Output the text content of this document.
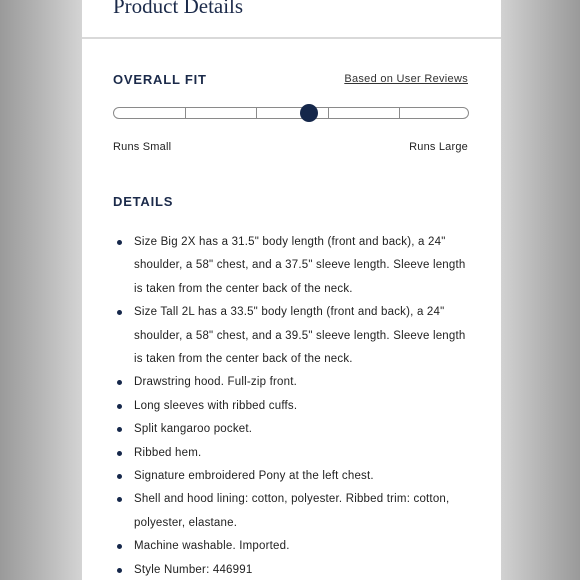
Product Details
OVERALL FIT	Based on User Reviews
Runs Small	Runs Large
DETAILS
Size Big 2X has a 31.5" body length (front and back), a 24" shoulder, a 58" chest, and a 37.5" sleeve length. Sleeve length is taken from the center back of the neck.
Size Tall 2L has a 33.5" body length (front and back), a 24" shoulder, a 58" chest, and a 39.5" sleeve length. Sleeve length is taken from the center back of the neck.
Drawstring hood. Full-zip front.
Long sleeves with ribbed cuffs.
Split kangaroo pocket.
Ribbed hem.
Signature embroidered Pony at the left chest.
Shell and hood lining: cotton, polyester. Ribbed trim: cotton, polyester, elastane.
Machine washable. Imported.
Style Number: 446991
